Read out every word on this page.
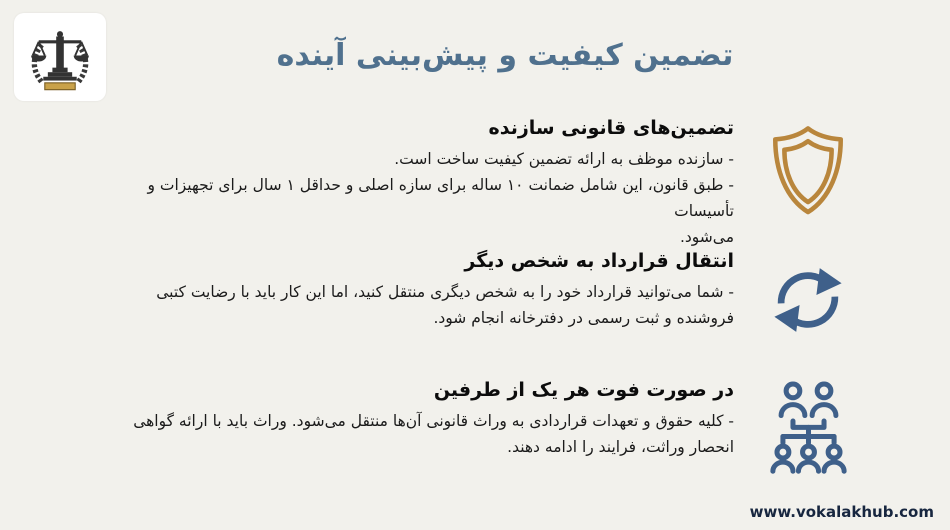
تضمین کیفیت و پیش‌بینی آینده
تضمین‌های قانونی سازنده
- سازنده موظف به ارائه تضمین کیفیت ساخت است.
- طبق قانون، این شامل ضمانت ۱۰ ساله برای سازه اصلی و حداقل ۱ سال برای تجهیزات و تأسیسات
می‌شود.
انتقال قرارداد به شخص دیگر
- شما می‌توانید قرارداد خود را به شخص دیگری منتقل کنید، اما این کار باید با رضایت کتبی
فروشنده و ثبت رسمی در دفترخانه انجام شود.
در صورت فوت هر یک از طرفین
- کلیه حقوق و تعهدات قراردادی به وراث قانونی آن‌ها منتقل می‌شود. وراث باید با ارائه گواهی
انحصار وراثت، فرایند را ادامه دهند.
www.vokalakhub.com
